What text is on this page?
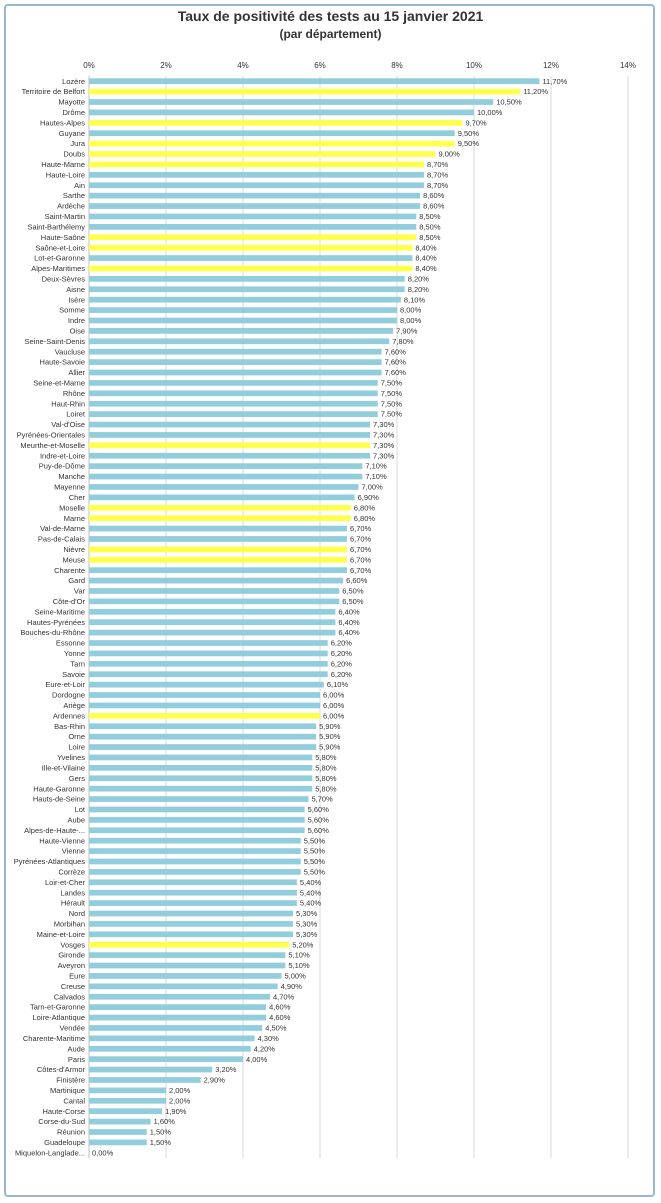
Taux de positivité des tests au 15 janvier 2021
(par département)
0%	2%	4%	6%	8%	10%	12%	14%
Lozère	11,70%
Territoire de Belfort	11,20%
Mayotte	10,50%
Drôme	10,00%
Hautes-Alpes	9,70%
Guyane	9,50%
Jura	9,50%
Doubs	9,00%
Haute-Marne	8,70%
Haute-Loire	8,70%
Ain	8,70%
Sarthe	8,60%
Ardèche	8,60%
Saint-Martin	8,50%
Saint-Barthélemy	8,50%
Haute-Saône	8,50%
Saône-et-Loire	8,40%
Lot-et-Garonne	8,40%
Alpes-Maritimes	8,40%
Deux-Sèvres	8,20%
Aisne	8,20%
Isère	8,10%
Somme	8,00%
Indre	8,00%
Oise	7,90%
Seine-Saint-Denis	7,80%
Vaucluse	7,60%
Haute-Savoie	7,60%
Allier	7,60%
Seine-et-Marne	7,50%
Rhône	7,50%
Haut-Rhin	7,50%
Loiret	7,50%
Val-d'Oise	7,30%
Pyrénées-Orientales	7,30%
Meurthe-et-Moselle	7,30%
Indre-et-Loire	7,30%
Puy-de-Dôme	7,10%
Manche	7,10%
Mayenne	7,00%
Cher	6,90%
Moselle	6,80%
Marne	6,80%
Val-de-Marne	6,70%
Pas-de-Calais	6,70%
Nièvre	6,70%
Meuse	6,70%
Charente	6,70%
Gard	6,60%
Var	6,50%
Côte-d'Or	6,50%
Seine-Maritime	6,40%
Hautes-Pyrénées	6,40%
Bouches-du-Rhône	6,40%
Essonne	6,20%
Yonne	6,20%
Tarn	6,20%
Savoie	6,20%
Eure-et-Loir	6,10%
Dordogne	6,00%
Ariège	6,00%
Ardennes	6,00%
Bas-Rhin	5,90%
Orne	5,90%
Loire	5,90%
Yvelines	5,80%
Ille-et-Vilaine	5,80%
Gers	5,80%
Haute-Garonne	5,80%
Hauts-de-Seine	5,70%
Lot	5,60%
Aube	5,60%
Alpes-de-Haute-...	5,60%
Haute-Vienne	5,50%
Vienne	5,50%
Pyrénées-Atlantiques	5,50%
Corrèze	5,50%
Loir-et-Cher	5,40%
Landes	5,40%
Hérault	5,40%
Nord	5,30%
Morbihan	5,30%
Maine-et-Loire	5,30%
Vosges	5,20%
Gironde	5,10%
Aveyron	5,10%
Eure	5,00%
Creuse	4,90%
Calvados	4,70%
Tarn-et-Garonne	4,60%
Loire-Atlantique	4,60%
Vendée	4,50%
Charente-Maritime	4,30%
Aude	4,20%
Paris	4,00%
Côtes-d'Armor	3,20%
Finistère	2,90%
Martinique	2,00%
Cantal	2,00%
Haute-Corse	1,90%
Corse-du-Sud	1,60%
Réunion	1,50%
Guadeloupe	1,50%
Miquelon-Langlade... 0,00%
